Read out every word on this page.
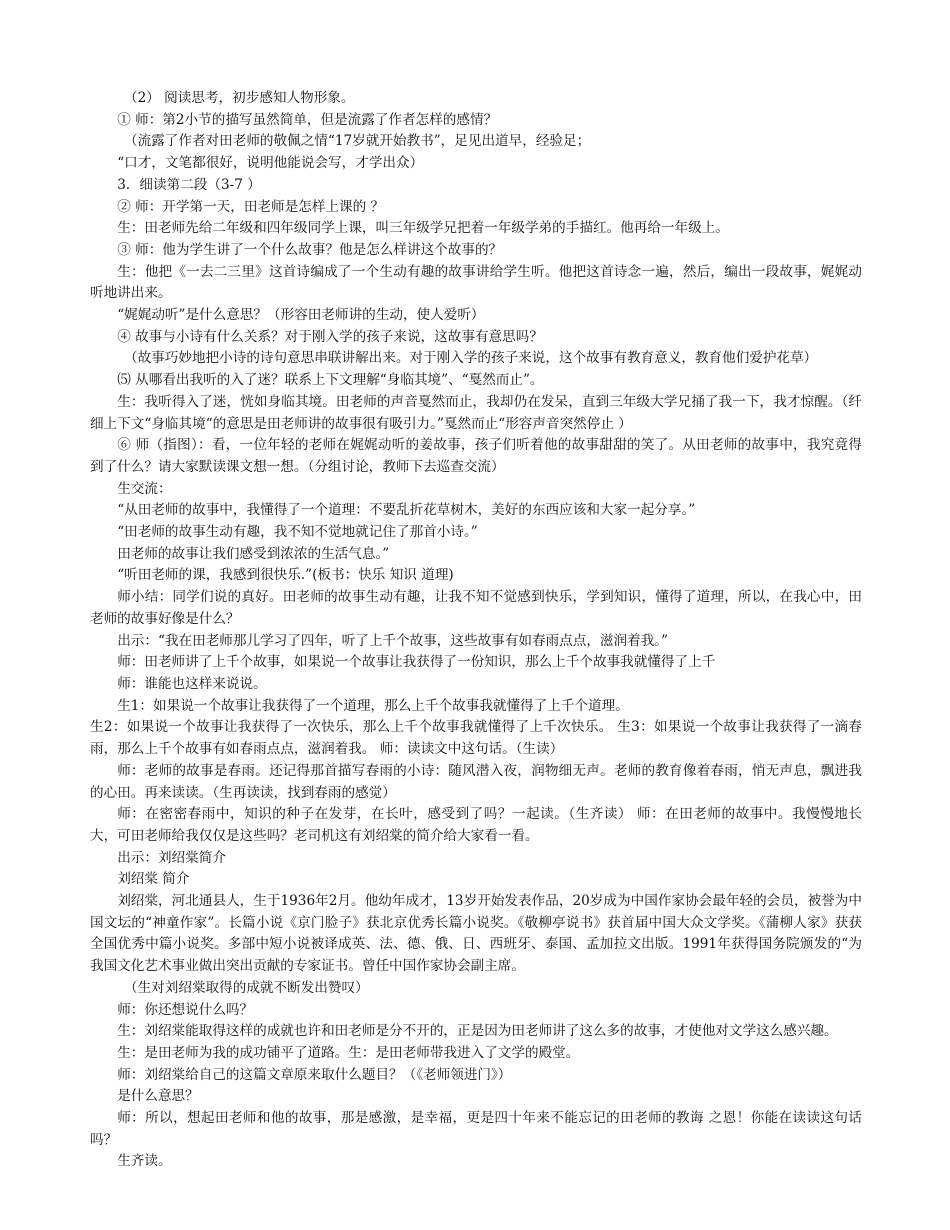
（2） 阅读思考，初步感知人物形象。

① 师：第2小节的描写虽然简单，但是流露了作者怎样的感情？

（流露了作者对田老师的敬佩之情“17岁就开始教书”，足见出道早，经验足；

“口才，文笔都很好，说明他能说会写，才学出众）

3．细读第二段（3-7 ）

② 师：开学第一天，田老师是怎样上课的 ？

生：田老师先给二年级和四年级同学上课，叫三年级学兄把着一年级学弟的手描红。他再给一年级上。

③ 师：他为学生讲了一个什么故事？他是怎么样讲这个故事的？

生：他把《一去二三里》这首诗编成了一个生动有趣的故事讲给学生听。他把这首诗念一遍，然后，编出一段故事，娓娓动听地讲出来。

“娓娓动听”是什么意思？（形容田老师讲的生动，使人爱听）

④ 故事与小诗有什么关系？对于刚入学的孩子来说，这故事有意思吗？

（故事巧妙地把小诗的诗句意思串联讲解出来。对于刚入学的孩子来说，这个故事有教育意义，教育他们爱护花草）

⑸ 从哪看出我听的入了迷？联系上下文理解“身临其境”、“戛然而止”。

生：我听得入了迷，恍如身临其境。田老师的声音戛然而止，我却仍在发呆，直到三年级大学兄捅了我一下，我才惊醒。（纤细上下文“身临其境“的意思是田老师讲的故事很有吸引力。”戛然而止“形容声音突然停止 ）

⑥ 师（指图）：看，一位年轻的老师在娓娓动听的姜故事，孩子们听着他的故事甜甜的笑了。从田老师的故事中，我究竟得到了什么？请大家默读课文想一想。（分组讨论，教师下去巡查交流）

生交流：

“从田老师的故事中，我懂得了一个道理：不要乱折花草树木，美好的东西应该和大家一起分享。”

“田老师的故事生动有趣，我不知不觉地就记住了那首小诗。”

田老师的故事让我们感受到浓浓的生活气息。”

“听田老师的课，我感到很快乐.”(板书：快乐 知识 道理)

师小结：同学们说的真好。田老师的故事生动有趣，让我不知不觉感到快乐，学到知识，懂得了道理，所以，在我心中，田老师的故事好像是什么？

出示：“我在田老师那儿学习了四年，听了上千个故事，这些故事有如春雨点点，滋润着我。”

师：田老师讲了上千个故事，如果说一个故事让我获得了一份知识，那么上千个故事我就懂得了上千

师：谁能也这样来说说。

生1：如果说一个故事让我获得了一个道理，那么上千个故事我就懂得了上千个道理。

生2：如果说一个故事让我获得了一次快乐，那么上千个故事我就懂得了上千次快乐。 生3：如果说一个故事让我获得了一滴春雨，那么上千个故事有如春雨点点，滋润着我。 师：读读文中这句话。（生读）

师：老师的故事是春雨。还记得那首描写春雨的小诗：随风潜入夜，润物细无声。老师的教育像着春雨，悄无声息，飘进我的心田。再来读读。（生再读读，找到春雨的感觉）

师：在密密春雨中，知识的种子在发芽，在长叶，感受到了吗？一起读。（生齐读） 师：在田老师的故事中。我慢慢地长大，可田老师给我仅仅是这些吗？老司机这有刘绍棠的简介给大家看一看。

出示：刘绍棠简介

刘绍棠 简介

刘绍棠，河北通县人，生于1936年2月。他幼年成才，13岁开始发表作品，20岁成为中国作家协会最年轻的会员，被誉为中国文坛的“神童作家”。长篇小说《京门脸子》获北京优秀长篇小说奖。《敬柳亭说书》获首届中国大众文学奖。《蒲柳人家》获获全国优秀中篇小说奖。多部中短小说被译成英、法、德、俄、日、西班牙、泰国、孟加拉文出版。1991年获得国务院颁发的“为我国文化艺术事业做出突出贡献的专家证书。曾任中国作家协会副主席。

（生对刘绍棠取得的成就不断发出赞叹）

师：你还想说什么吗？

生：刘绍棠能取得这样的成就也许和田老师是分不开的，正是因为田老师讲了这么多的故事，才使他对文学这么感兴趣。

生：是田老师为我的成功铺平了道路。生：是田老师带我进入了文学的殿堂。

师：刘绍棠给自己的这篇文章原来取什么题目？（《老师领进门》）

是什么意思？

师：所以，想起田老师和他的故事，那是感激，是幸福，更是四十年来不能忘记的田老师的教诲 之恩！你能在读读这句话吗？

生齐读。
